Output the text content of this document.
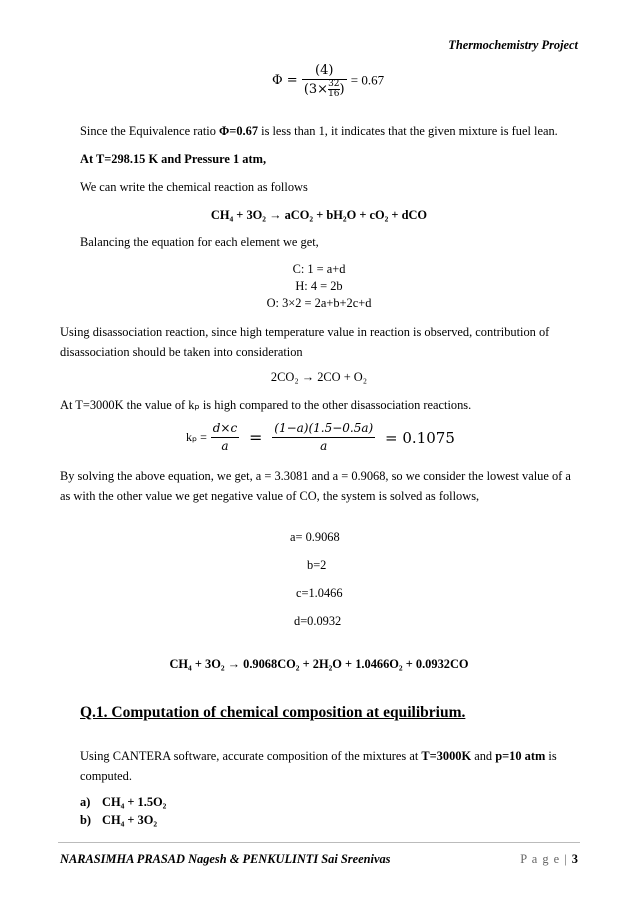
Thermochemistry Project
$\Phi = \frac{(4)}{(3\times \frac{32}{16} )} = 0.67$
Since the Equivalence ratio Φ=0.67 is less than 1, it indicates that the given mixture is fuel lean.
At T=298.15 K and Pressure 1 atm,
We can write the chemical reaction as follows
CH₄ + 3O₂ → aCO₂ + bH₂O + cO₂ + dCO
Balancing the equation for each element we get,
C: 1 = a+d
H: 4 = 2b
O: 3×2 = 2a+b+2c+d
Using disassociation reaction, since high temperature value in reaction is observed, contribution of disassociation should be taken into consideration
2CO₂ → 2CO + O₂
At T=3000K the value of kₚ is high compared to the other disassociation reactions.
$k_p = \frac{d\times c}{a} = \frac{(1-a)(1.5-0.5a)}{a} = 0.1075$
By solving the above equation, we get, a = 3.3081 and a = 0.9068, so we consider the lowest value of a as with the other value we get negative value of CO, the system is solved as follows,
a= 0.9068
b=2
c=1.0466
d=0.0932
CH₄ + 3O₂ → 0.9068CO₂ + 2H₂O + 1.0466O₂ + 0.0932CO
Q.1. Computation of chemical composition at equilibrium.
Using CANTERA software, accurate composition of the mixtures at T=3000K and p=10 atm is computed.
a) CH₄ + 1.5O₂
b) CH₄ + 3O₂
NARASIMHA PRASAD Nagesh & PENKULINTI Sai Sreenivas	P a g e | 3
